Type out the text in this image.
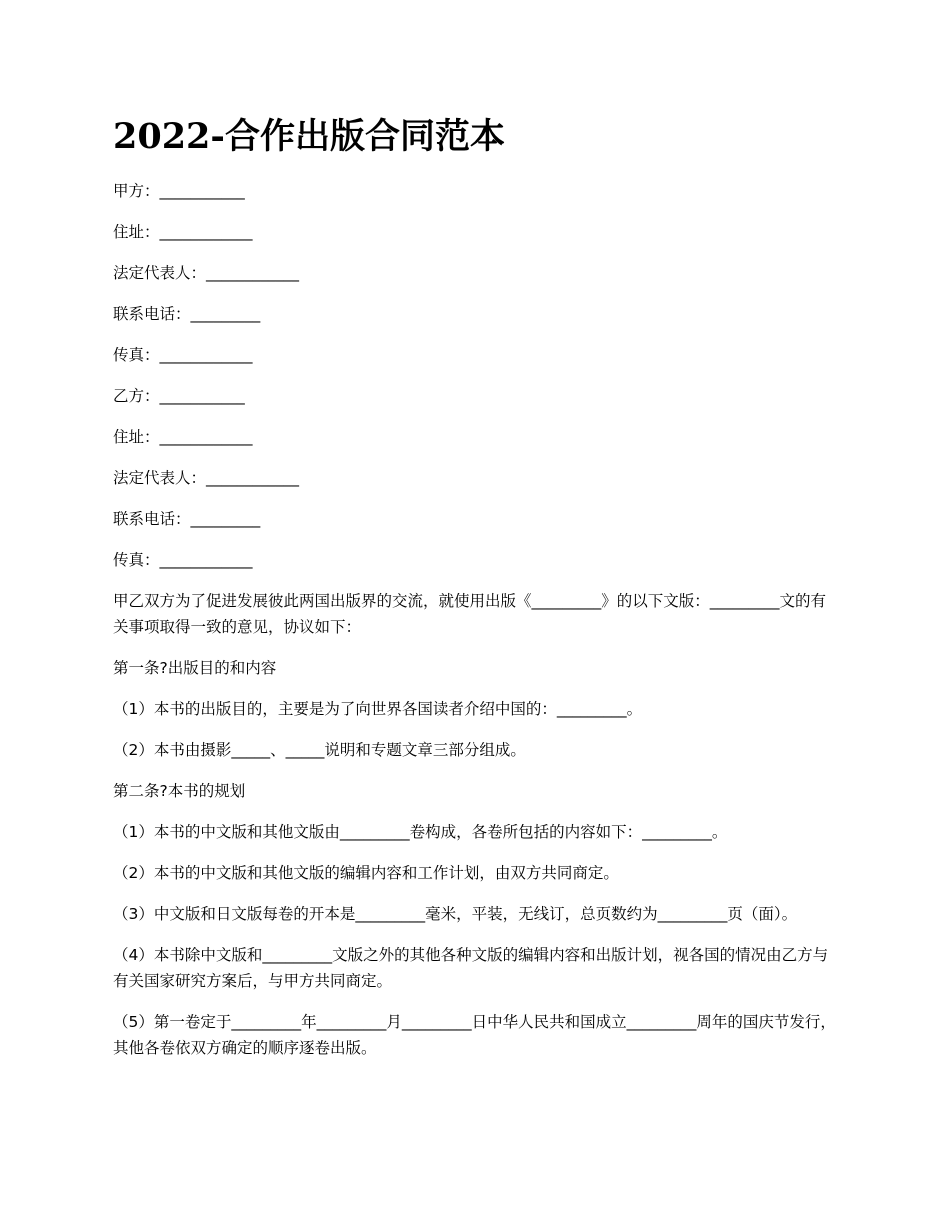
2022-合作出版合同范本

甲方：___________

住址：____________

法定代表人：____________

联系电话：_________

传真：____________

乙方：___________

住址：____________

法定代表人：____________

联系电话：_________

传真：____________

甲乙双方为了促进发展彼此两国出版界的交流，就使用出版《_________》的以下文版：_________文的有关事项取得一致的意见，协议如下：

第一条?出版目的和内容

（1）本书的出版目的，主要是为了向世界各国读者介绍中国的：_________。

（2）本书由摄影_____、_____说明和专题文章三部分组成。

第二条?本书的规划

（1）本书的中文版和其他文版由_________卷构成，各卷所包括的内容如下：_________。

（2）本书的中文版和其他文版的编辑内容和工作计划，由双方共同商定。

（3）中文版和日文版每卷的开本是_________毫米，平装，无线订，总页数约为_________页（面）。

（4）本书除中文版和_________文版之外的其他各种文版的编辑内容和出版计划，视各国的情况由乙方与有关国家研究方案后，与甲方共同商定。

（5）第一卷定于_________年_________月_________日中华人民共和国成立_________周年的国庆节发行，其他各卷依双方确定的顺序逐卷出版。
